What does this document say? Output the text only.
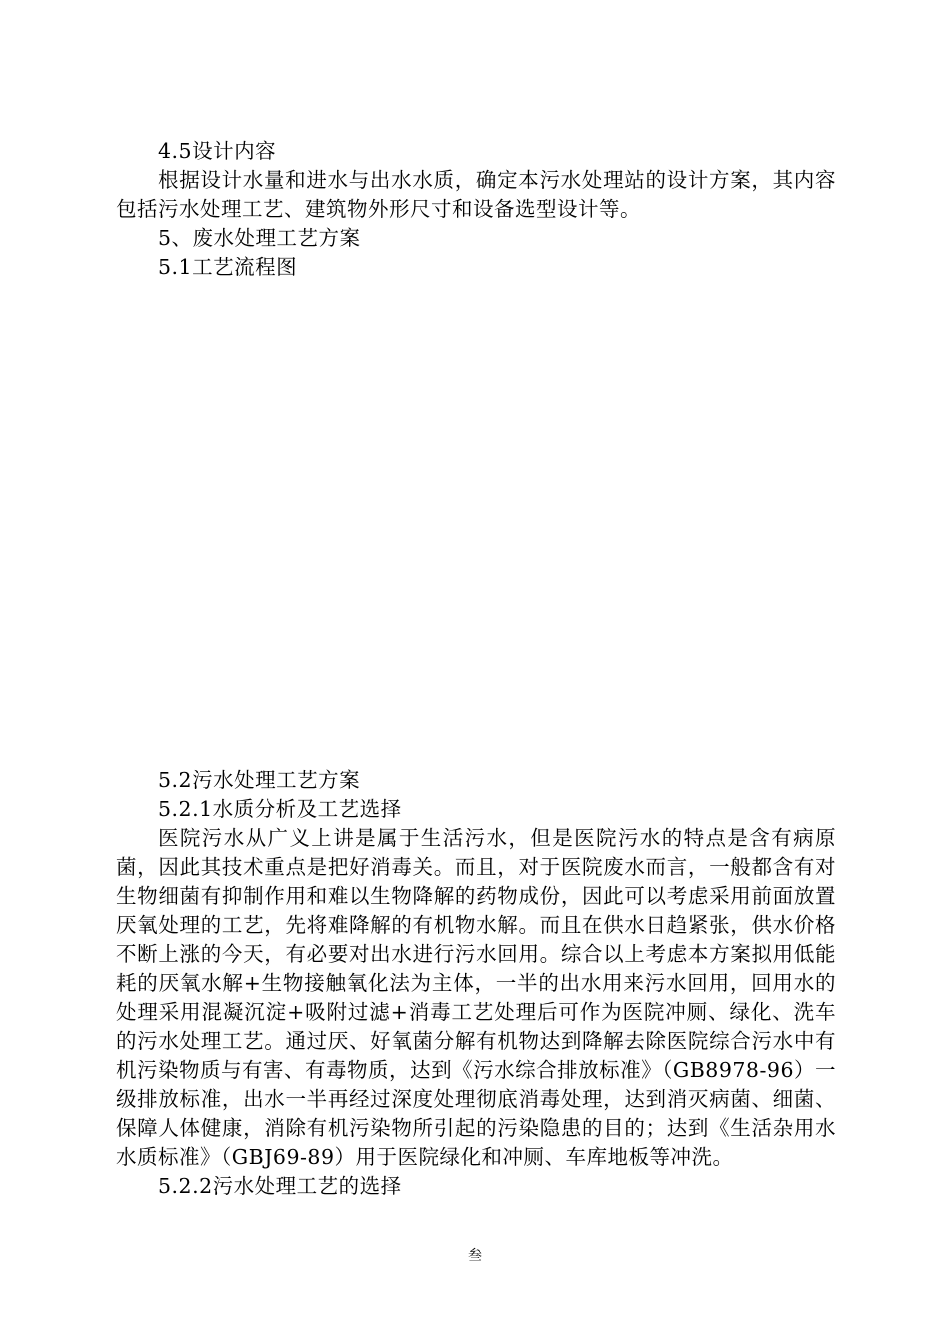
4.5设计内容

根据设计水量和进水与出水水质，确定本污水处理站的设计方案，其内容包括污水处理工艺、建筑物外形尺寸和设备选型设计等。

5、废水处理工艺方案
5.1工艺流程图
5.2污水处理工艺方案
5.2.1水质分析及工艺选择

医院污水从广义上讲是属于生活污水，但是医院污水的特点是含有病原菌，因此其技术重点是把好消毒关。而且，对于医院废水而言，一般都含有对生物细菌有抑制作用和难以生物降解的药物成份，因此可以考虑采用前面放置厌氧处理的工艺，先将难降解的有机物水解。而且在供水日趋紧张，供水价格不断上涨的今天，有必要对出水进行污水回用。综合以上考虑本方案拟用低能耗的厌氧水解+生物接触氧化法为主体，一半的出水用来污水回用，回用水的处理采用混凝沉淀+吸附过滤+消毒工艺处理后可作为医院冲厕、绿化、洗车的污水处理工艺。通过厌、好氧菌分解有机物达到降解去除医院综合污水中有机污染物质与有害、有毒物质，达到《污水综合排放标准》（GB8978-96）一级排放标准，出水一半再经过深度处理彻底消毒处理，达到消灭病菌、细菌、保障人体健康，消除有机污染物所引起的污染隐患的目的；达到《生活杂用水水质标准》（GBJ69-89）用于医院绿化和冲厕、车库地板等冲洗。

5.2.2污水处理工艺的选择
叁
